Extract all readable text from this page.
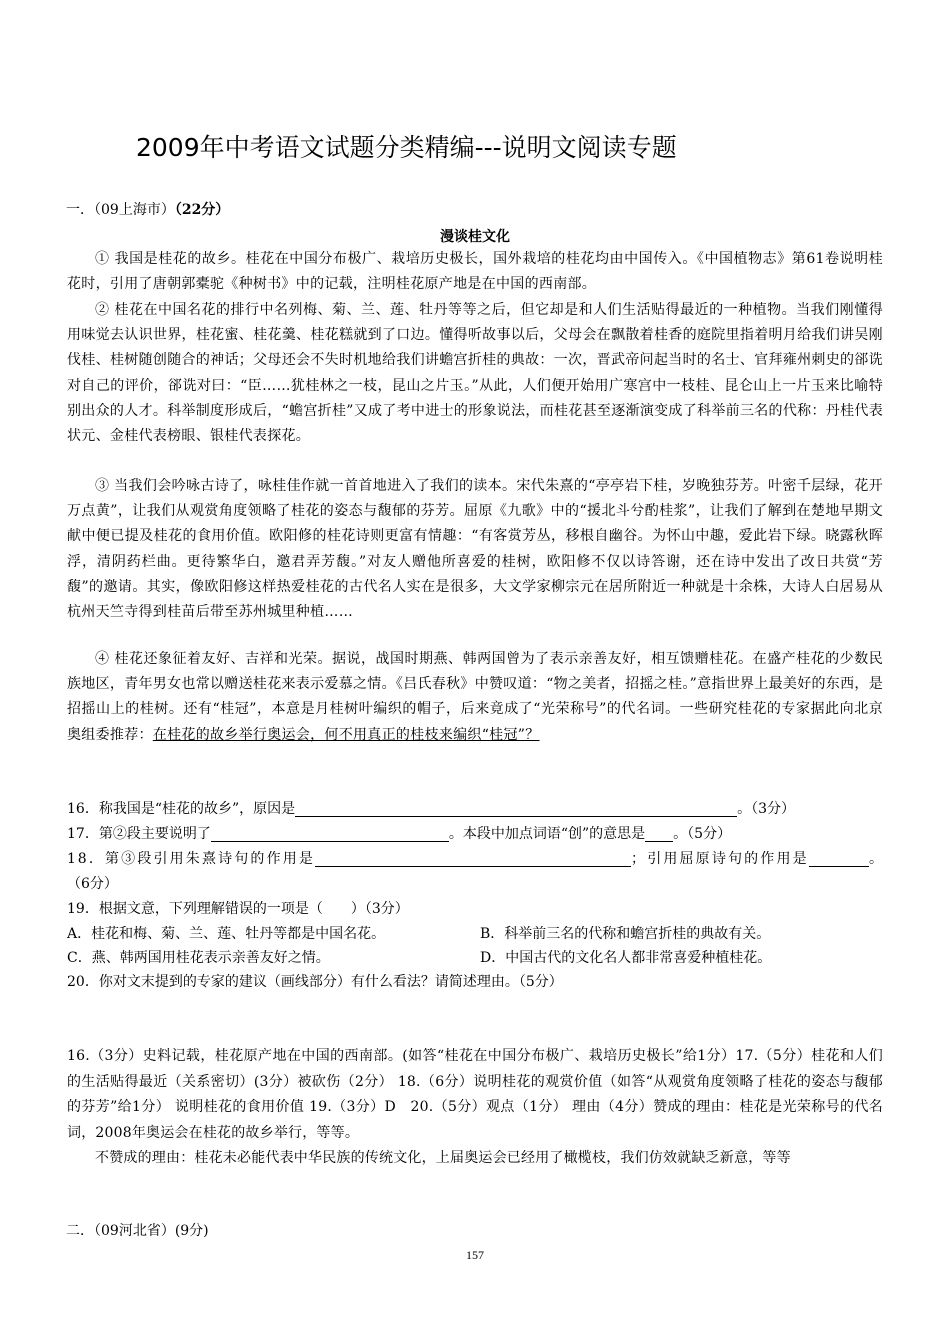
2009年中考语文试题分类精编---说明文阅读专题
一．（09上海市）（22分）
漫谈桂文化
① 我国是桂花的故乡。桂花在中国分布极广、栽培历史极长，国外栽培的桂花均由中国传入。《中国植物志》第61卷说明桂花时，引用了唐朝郭橐驼《种树书》中的记载，注明桂花原产地是在中国的西南部。
② 桂花在中国名花的排行中名列梅、菊、兰、莲、牡丹等等之后，但它却是和人们生活贴得最近的一种植物。当我们刚懂得用味觉去认识世界，桂花蜜、桂花羹、桂花糕就到了口边。懂得听故事以后，父母会在飘散着桂香的庭院里指着明月给我们讲吴刚伐桂、桂树随创随合的神话；父母还会不失时机地给我们讲蟾宫折桂的典故：一次，晋武帝问起当时的名士、官拜雍州刺史的郤诜对自己的评价，郤诜对曰：“臣……犹桂林之一枝，昆山之片玉。”从此，人们便开始用广寒宫中一枝桂、昆仑山上一片玉来比喻特别出众的人才。科举制度形成后，“蟾宫折桂”又成了考中进士的形象说法，而桂花甚至逐渐演变成了科举前三名的代称：丹桂代表状元、金桂代表榜眼、银桂代表探花。
③ 当我们会吟咏古诗了，咏桂佳作就一首首地进入了我们的读本。宋代朱熹的“亭亭岩下桂，岁晚独芬芳。叶密千层绿，花开万点黄”，让我们从观赏角度领略了桂花的姿态与馥郁的芬芳。屈原《九歌》中的“援北斗兮酌桂浆”，让我们了解到在楚地早期文献中便已提及桂花的食用价值。欧阳修的桂花诗则更富有情趣：“有客赏芳丛，移根自幽谷。为怀山中趣，爱此岩下绿。晓露秋晖浮，清阴药栏曲。更待繁华白，邀君弄芳馥。”对友人赠他所喜爱的桂树，欧阳修不仅以诗答谢，还在诗中发出了改日共赏“芳馥”的邀请。其实，像欧阳修这样热爱桂花的古代名人实在是很多，大文学家柳宗元在居所附近一种就是十余株，大诗人白居易从杭州天竺寺得到桂苗后带至苏州城里种植……
④ 桂花还象征着友好、吉祥和光荣。据说，战国时期燕、韩两国曾为了表示亲善友好，相互馈赠桂花。在盛产桂花的少数民族地区，青年男女也常以赠送桂花来表示爱慕之情。《吕氏春秋》中赞叹道：“物之美者，招摇之桂。”意指世界上最美好的东西，是招摇山上的桂树。还有“桂冠”，本意是月桂树叶编织的帽子，后来竟成了“光荣称号”的代名词。一些研究桂花的专家据此向北京奥组委推荐：在桂花的故乡举行奥运会，何不用真正的桂枝来编织“桂冠”？
16．称我国是“桂花的故乡”，原因是	。（3分）
17．第②段主要说明了	。本段中加点词语“创”的意思是 。（5分）
18．第③段引用朱熹诗句的作用是	；引用屈原诗句的作用是	。（6分）
19．根据文意，下列理解错误的一项是（　　）（3分）
A．桂花和梅、菊、兰、莲、牡丹等都是中国名花。	B．科举前三名的代称和蟾宫折桂的典故有关。
C．燕、韩两国用桂花表示亲善友好之情。	D．中国古代的文化名人都非常喜爱种植桂花。
20．你对文末提到的专家的建议（画线部分）有什么看法？请简述理由。（5分）
16.（3分）史料记载，桂花原产地在中国的西南部。(如答“桂花在中国分布极广、栽培历史极长”给1分）17.（5分）桂花和人们的生活贴得最近（关系密切）(3分）被砍伤（2分） 18.（6分）说明桂花的观赏价值（如答“从观赏角度领略了桂花的姿态与馥郁的芬芳”给1分） 说明桂花的食用价值 19.（3分）D　20.（5分）观点（1分） 理由（4分）赞成的理由：桂花是光荣称号的代名词，2008年奥运会在桂花的故乡举行，等等。
不赞成的理由：桂花未必能代表中华民族的传统文化，上届奥运会已经用了橄榄枝，我们仿效就缺乏新意，等等
二．（09河北省）(9分)
157
